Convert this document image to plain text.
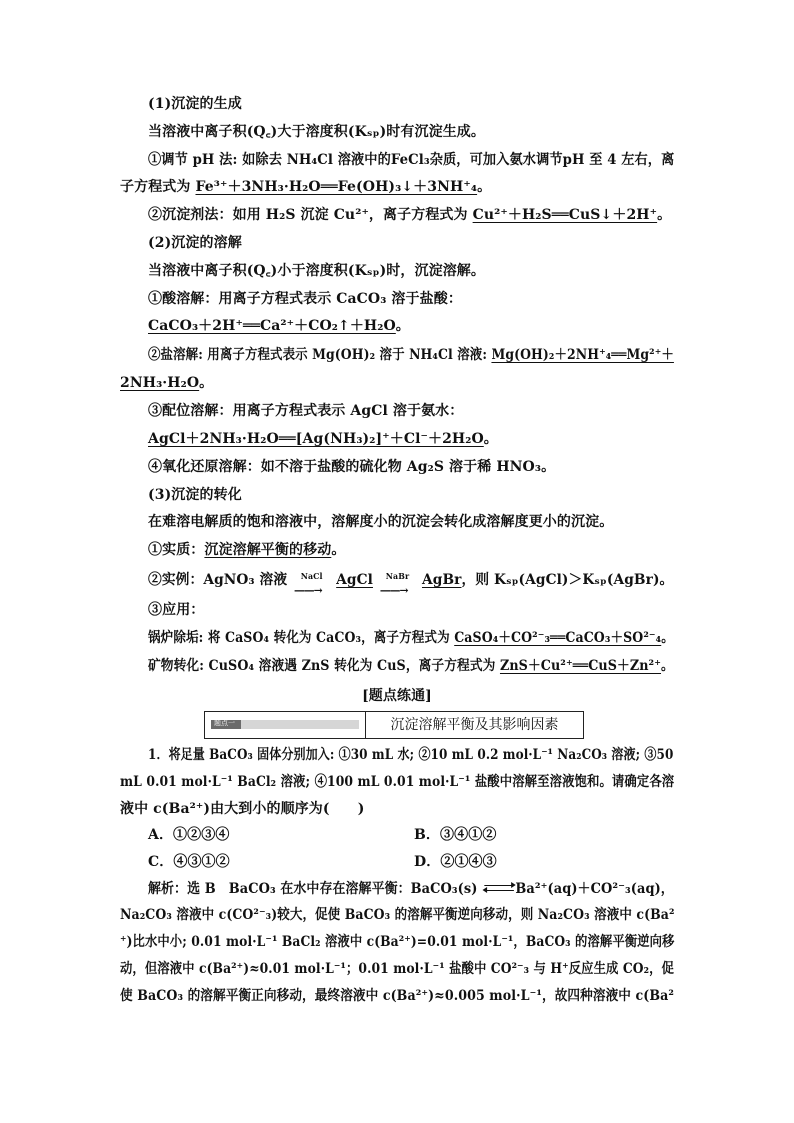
(1)沉淀的生成
当溶液中离子积(Q꜀)大于溶度积(Kₛₚ)时有沉淀生成。
①调节 pH 法: 如除去 NH₄Cl 溶液中的FeCl₃杂质，可加入氨水调节pH 至 4 左右，离
子方程式为 Fe³⁺＋3NH₃·H₂O══Fe(OH)₃↓＋3NH⁺₄。
②沉淀剂法：如用 H₂S 沉淀 Cu²⁺，离子方程式为 Cu²⁺＋H₂S══CuS↓＋2H⁺。
(2)沉淀的溶解
当溶液中离子积(Q꜀)小于溶度积(Kₛₚ)时，沉淀溶解。
①酸溶解：用离子方程式表示 CaCO₃ 溶于盐酸：
CaCO₃＋2H⁺══Ca²⁺＋CO₂↑＋H₂O。
②盐溶解: 用离子方程式表示 Mg(OH)₂ 溶于 NH₄Cl 溶液: Mg(OH)₂＋2NH⁺₄══Mg²⁺＋
2NH₃·H₂O。
③配位溶解：用离子方程式表示 AgCl 溶于氨水：
AgCl＋2NH₃·H₂O══[Ag(NH₃)₂]⁺＋Cl⁻＋2H₂O。
④氧化还原溶解：如不溶于盐酸的硫化物 Ag₂S 溶于稀 HNO₃。
(3)沉淀的转化
在难溶电解质的饱和溶液中，溶解度小的沉淀会转化成溶解度更小的沉淀。
①实质：沉淀溶解平衡的移动。
②实例：AgNO₃ 溶液	NaCl
——→
AgCl	NaBr
——→
AgBr，则 Kₛₚ(AgCl)＞Kₛₚ(AgBr)。
③应用：
锅炉除垢: 将 CaSO₄ 转化为 CaCO₃，离子方程式为 CaSO₄＋CO²⁻₃══CaCO₃＋SO²⁻₄。
矿物转化: CuSO₄ 溶液遇 ZnS 转化为 CuS，离子方程式为 ZnS＋Cu²⁺══CuS＋Zn²⁺。
[题点练通]
题点一	沉淀溶解平衡及其影响因素
1．将足量 BaCO₃ 固体分别加入: ①30 mL 水; ②10 mL 0.2 mol·L⁻¹ Na₂CO₃ 溶液; ③50
mL 0.01 mol·L⁻¹ BaCl₂ 溶液; ④100 mL 0.01 mol·L⁻¹ 盐酸中溶解至溶液饱和。请确定各溶
液中 c(Ba²⁺)由大到小的顺序为(　　)
A．①②③④	B．③④①②
C．④③①②	D．②①④③
解析：选 B　BaCO₃ 在水中存在溶解平衡：BaCO₃(s)
Ba²⁺(aq)＋CO²⁻₃(aq)，
Na₂CO₃ 溶液中 c(CO²⁻₃)较大，促使 BaCO₃ 的溶解平衡逆向移动，则 Na₂CO₃ 溶液中 c(Ba²
⁺)比水中小; 0.01 mol·L⁻¹ BaCl₂ 溶液中 c(Ba²⁺)=0.01 mol·L⁻¹，BaCO₃ 的溶解平衡逆向移
动，但溶液中 c(Ba²⁺)≈0.01 mol·L⁻¹；0.01 mol·L⁻¹ 盐酸中 CO²⁻₃ 与 H⁺反应生成 CO₂，促
使 BaCO₃ 的溶解平衡正向移动，最终溶液中 c(Ba²⁺)≈0.005 mol·L⁻¹，故四种溶液中 c(Ba²
